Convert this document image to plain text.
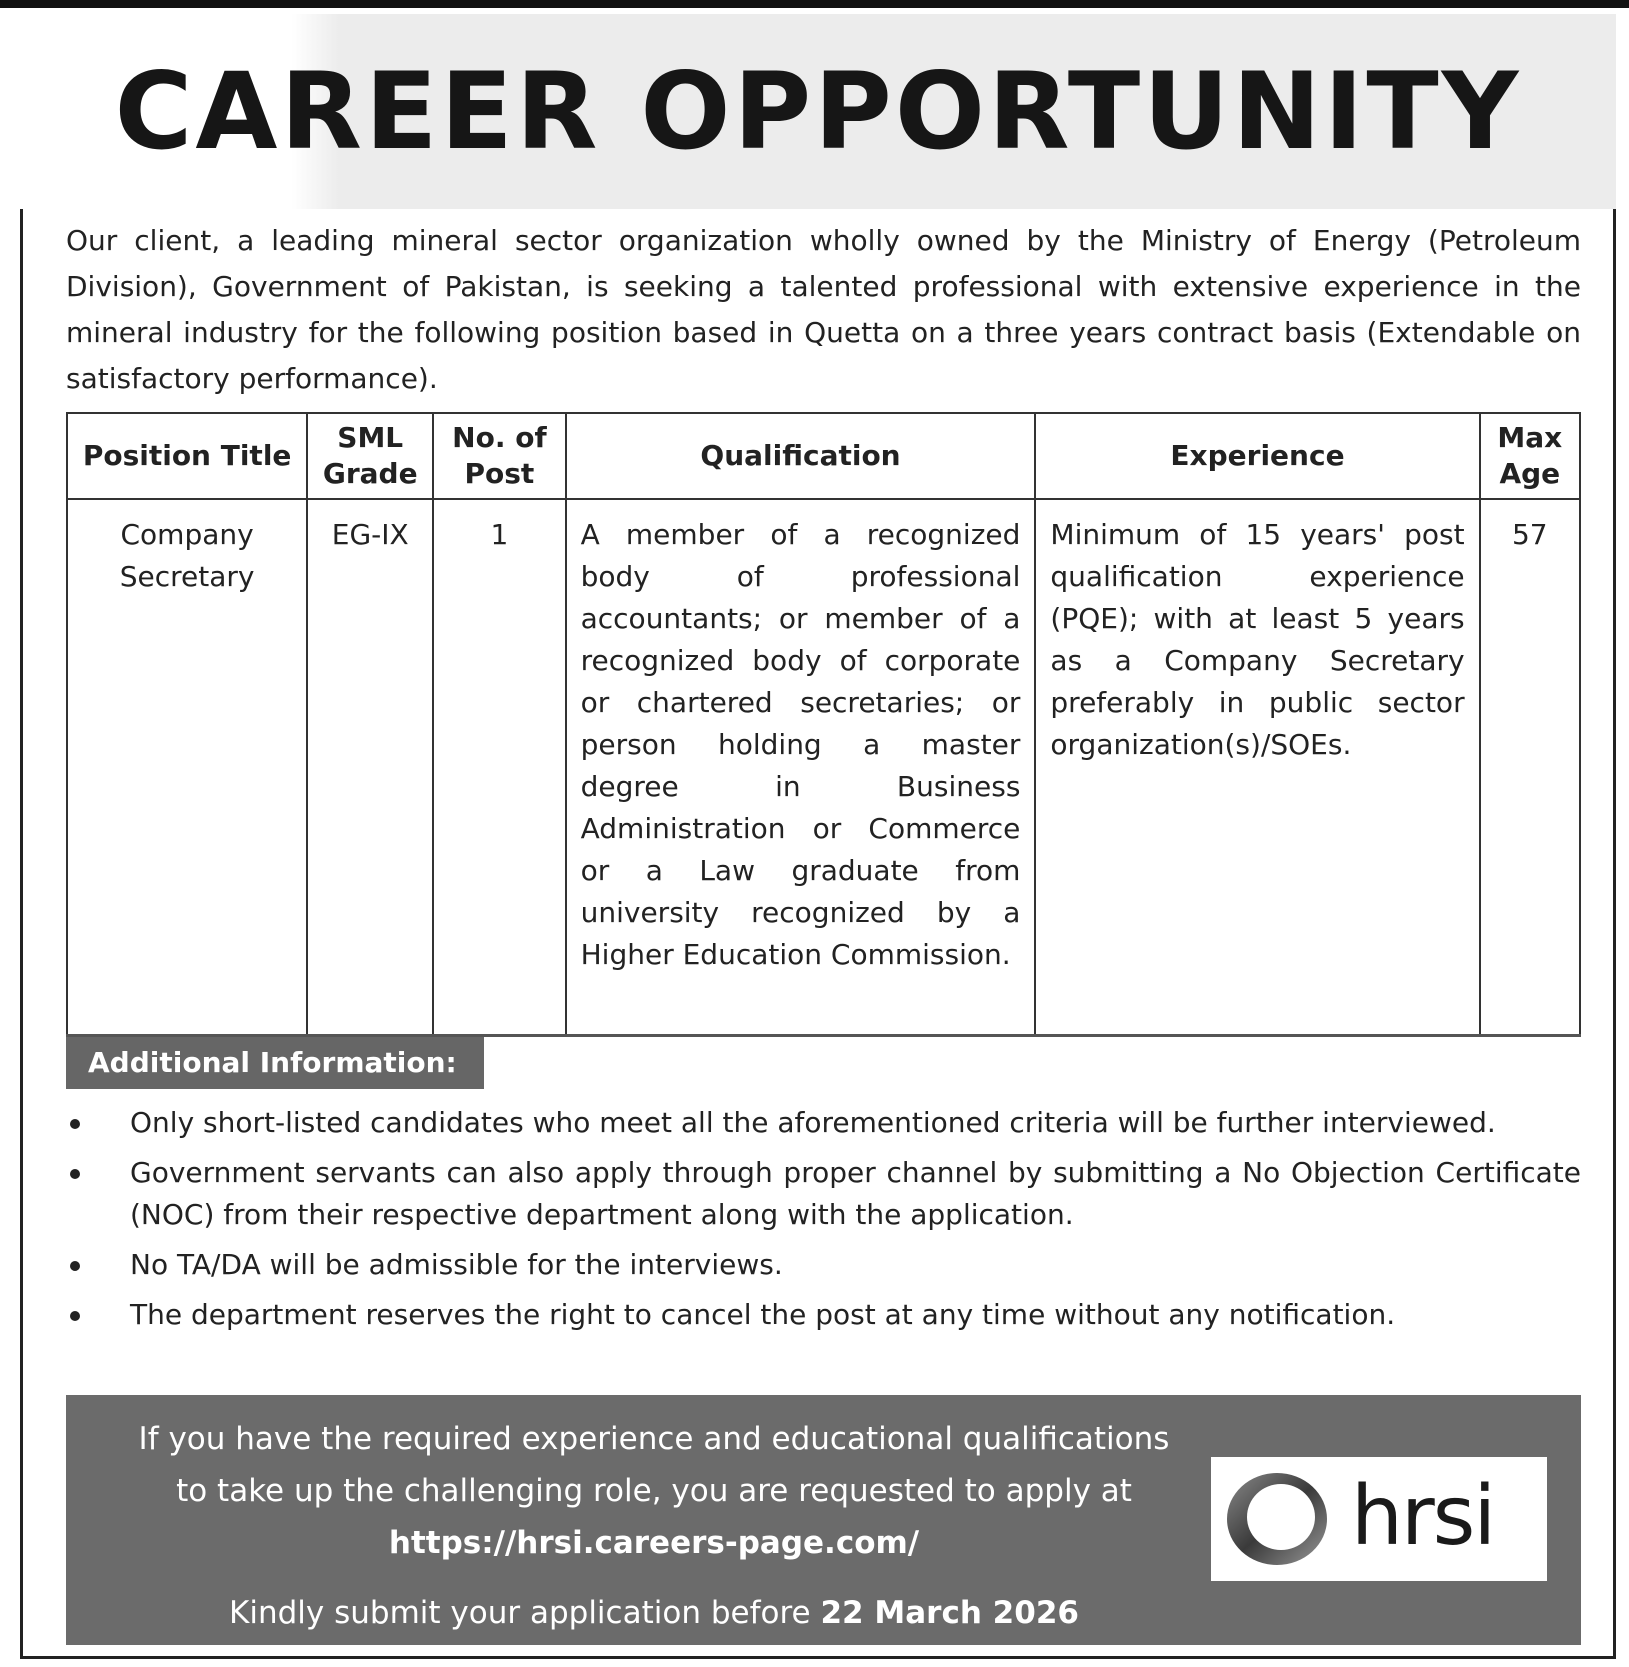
CAREER OPPORTUNITY

Our client, a leading mineral sector organization wholly owned by the Ministry of Energy (Petroleum Division), Government of Pakistan, is seeking a talented professional with extensive experience in the mineral industry for the following position based in Quetta on a three years contract basis (Extendable on satisfactory performance).

Position Title	SML Grade	No. of Post	Qualification	Experience	Max Age
Company Secretary	EG-IX	1	A member of a recognized body of professional accountants; or member of a recognized body of corporate or chartered secretaries; or person holding a master degree in Business Administration or Commerce or a Law graduate from university recognized by a Higher Education Commission.	Minimum of 15 years' post qualification experience (PQE); with at least 5 years as a Company Secretary preferably in public sector organization(s)/SOEs.	57
Additional Information:
Only short-listed candidates who meet all the aforementioned criteria will be further interviewed.
Government servants can also apply through proper channel by submitting a No Objection Certificate (NOC) from their respective department along with the application.
No TA/DA will be admissible for the interviews.
The department reserves the right to cancel the post at any time without any notification.
If you have the required experience and educational qualifications
to take up the challenging role, you are requested to apply at
https://hrsi.careers-page.com/
Kindly submit your application before 22 March 2026
hrsi
